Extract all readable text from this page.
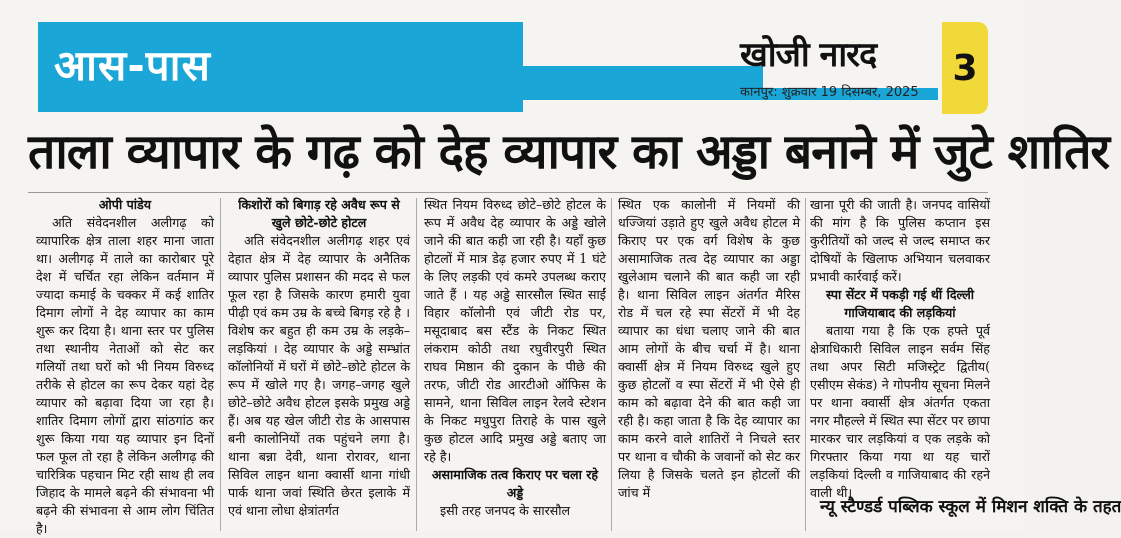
आस-पास	खोजी नारद
कानपुर: शुक्रवार 19 दिसम्बर, 2025
3
ताला व्यापार के गढ़ को देह व्यापार का अड्डा बनाने में जुटे शातिर

ओपी पांडेय

अति संवेदनशील अलीगढ़ को व्यापारिक क्षेत्र ताला शहर माना जाता था। अलीगढ़ में ताले का कारोबार पूरे देश में चर्चित रहा लेकिन वर्तमान में ज्यादा कमाई के चक्कर में कई शातिर दिमाग लोगों ने देह व्यापार का काम शुरू कर दिया है। थाना स्तर पर पुलिस तथा स्थानीय नेताओं को सेट कर गलियों तथा घरों को भी नियम विरुध्द तरीके से होटल का रूप देकर यहां देह व्यापार को बढ़ावा दिया जा रहा है। शातिर दिमाग लोगों द्वारा सांठगांठ कर शुरू किया गया यह व्यापार इन दिनों फल फूल तो रहा है लेकिन अलीगढ़ की चारित्रिक पहचान मिट रही साथ ही लव जिहाद के मामले बढ़ने की संभावना भी बढ़ने की संभावना से आम लोग चिंतित है।

किशोरों को बिगाड़ रहे अवैध रूप से खुले छोटे-छोटे होटल

अति संवेदनशील अलीगढ़ शहर एवं देहात क्षेत्र में देह व्यापार के अनैतिक व्यापार पुलिस प्रशासन की मदद से फल फूल रहा है जिसके कारण हमारी युवा पीढ़ी एवं कम उम्र के बच्चे बिगड़ रहे है । विशेष कर बहुत ही कम उम्र के लड़के– लड़कियां । देह व्यापार के अड्डे सम्भ्रांत कॉलोनियों में घरों में छोटे–छोटे होटल के रूप में खोले गए है। जगह–जगह खुले छोटे–छोटे अवैध होटल इसके प्रमुख अड्डे हैं। अब यह खेल जीटी रोड के आसपास बनी कालोनियों तक पहुंचने लगा है। थाना बन्ना देवी, थाना रोरावर, थाना सिविल लाइन थाना क्वार्सी थाना गांधी पार्क थाना जवां स्थिति छेरत इलाके में एवं थाना लोधा क्षेत्रांतर्गत

स्थित नियम विरुध्द छोटे–छोटे होटल के रूप में अवैध देह व्यापार के अड्डे खोले जाने की बात कही जा रही है। यहाँ कुछ होटलों में मात्र डेढ़ हजार रुपए में 1 घंटे के लिए लड़की एवं कमरे उपलब्ध कराए जाते हैं । यह अड्डे सारसौल स्थित साईं विहार कॉलोनी एवं जीटी रोड पर, मसूदाबाद बस स्टैंड के निकट स्थित लंकराम कोठी तथा रघुवीरपुरी स्थित राघव मिष्ठान की दुकान के पीछे की तरफ, जीटी रोड आरटीओ ऑफिस के सामने, थाना सिविल लाइन रेलवे स्टेशन के निकट मधुपुरा तिराहे के पास खुले कुछ होटल आदि प्रमुख अड्डे बताए जा रहे है।

असामाजिक तत्व किराए पर चला रहे अड्डे

इसी तरह जनपद के सारसौल

स्थित एक कालोनी में नियमों की धज्जियां उड़ाते हुए खुले अवैध होटल मे किराए पर एक वर्ग विशेष के कुछ असामाजिक तत्व देह व्यापार का अड्डा खुलेआम चलाने की बात कही जा रही है। थाना सिविल लाइन अंतर्गत मैरिस रोड में चल रहे स्पा सेंटरों में भी देह व्यापार का धंधा चलाए जाने की बात आम लोगों के बीच चर्चा में है। थाना क्वार्सी क्षेत्र में नियम विरुध्द खुले हुए कुछ होटलों व स्पा सेंटरों में भी ऐसे ही काम को बढ़ावा देने की बात कही जा रही है। कहा जाता है कि देह व्यापार का काम करने वाले शातिरों ने निचले स्तर पर थाना व चौकी के जवानों को सेट कर लिया है जिसके चलते इन होटलों की जांच में

खाना पूरी की जाती है। जनपद वासियों की मांग है कि पुलिस कप्तान इस कुरीतियों को जल्द से जल्द समाप्त कर दोषियों के खिलाफ अभियान चलवाकर प्रभावी कार्रवाई करें।

स्पा सेंटर में पकड़ी गई थीं दिल्ली गाजियाबाद की लड़कियां

बताया गया है कि एक हफ्ते पूर्व क्षेत्राधिकारी सिविल लाइन सर्वम सिंह तथा अपर सिटी मजिस्ट्रेट द्वितीय( एसीएम सेकंड) ने गोपनीय सूचना मिलने पर थाना क्वार्सी क्षेत्र अंतर्गत एकता नगर मौहल्ले में स्थित स्पा सेंटर पर छापा मारकर चार लड़कियां व एक लड़के को गिरफ्तार किया गया था यह चारों लड़कियां दिल्ली व गाजियाबाद की रहने वाली थी।

न्यू स्टैण्डर्ड पब्लिक स्कूल में मिशन शक्ति के तहत
